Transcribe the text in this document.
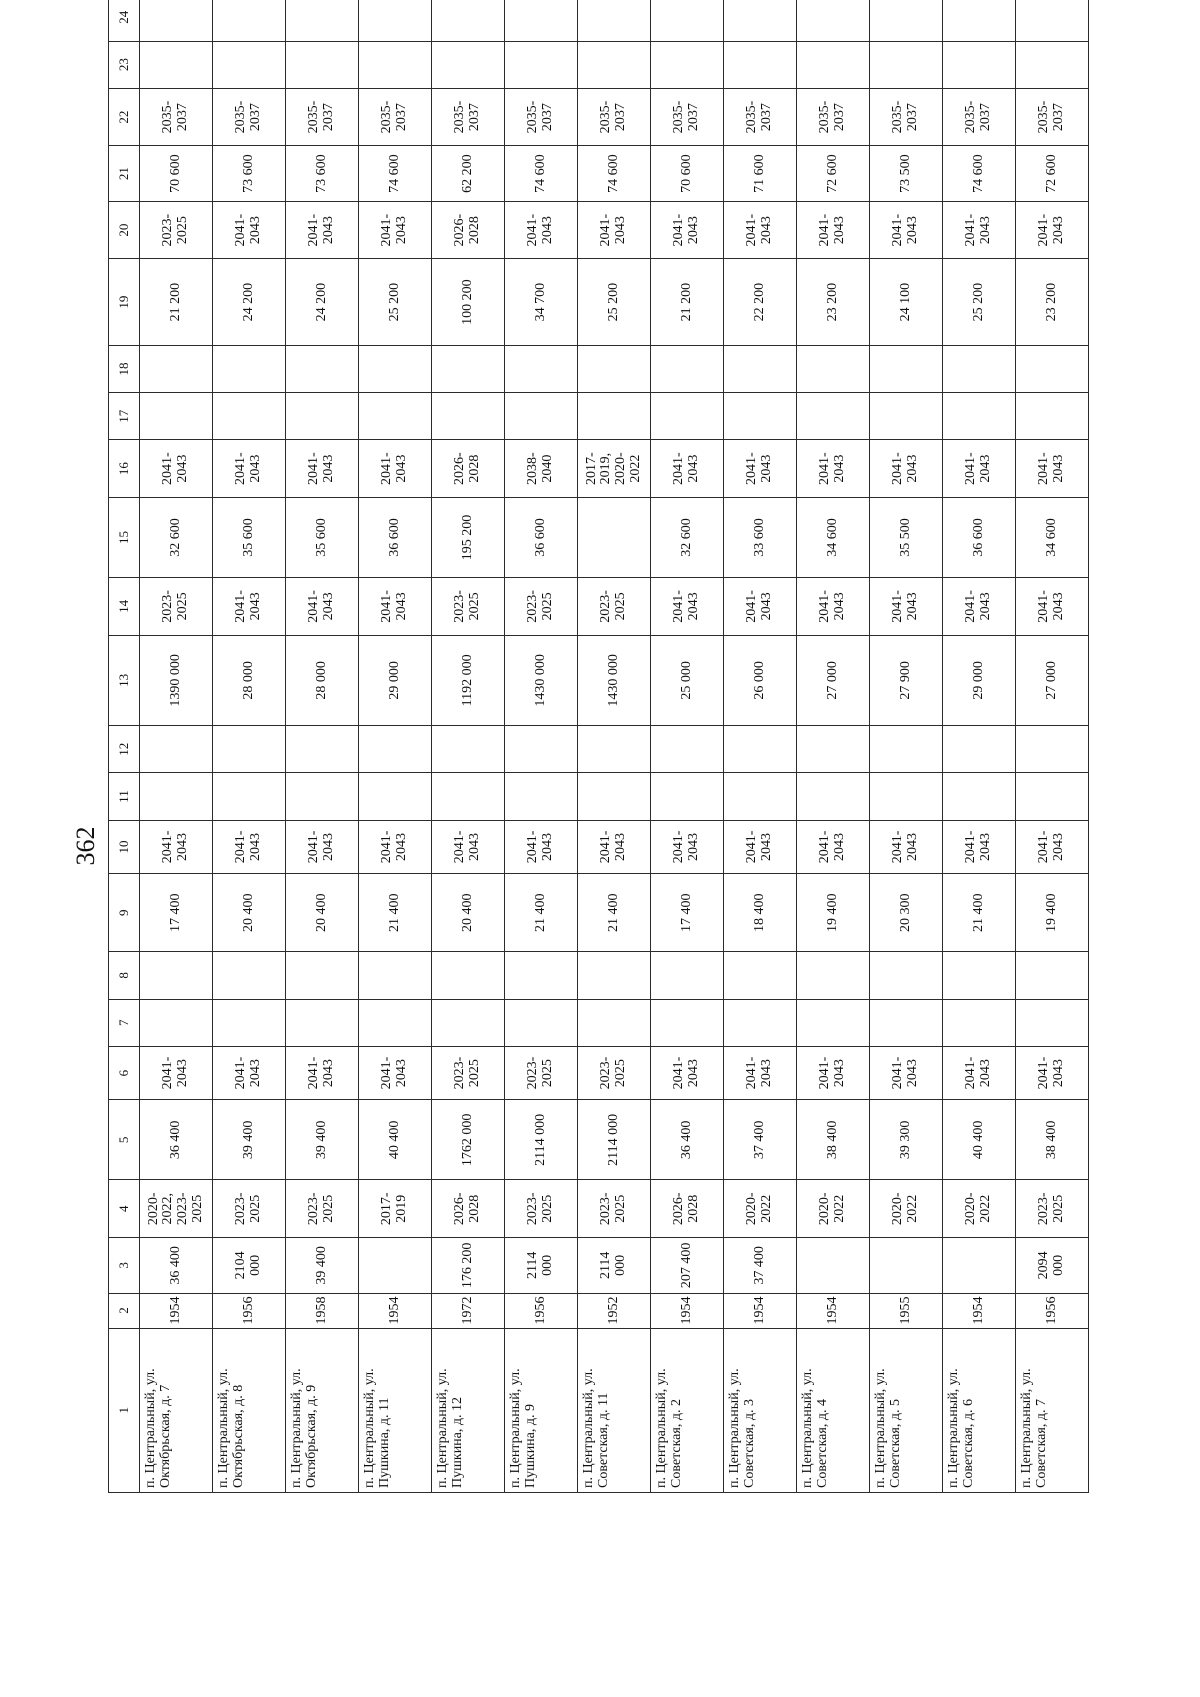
362
1	2	3	4	5	6	7	8	9	10	11	12	13	14	15	16	17	18	19	20	21	22	23	24
п. Центральный, ул. Октябрьская, д. 7	1954	36 400	2020-2022, 2023-2025	36 400	2041-2043			17 400	2041-2043			1390 000	2023-2025	32 600	2041-2043			21 200	2023-2025	70 600	2035-2037		
п. Центральный, ул. Октябрьская, д. 8	1956	2104 000	2023-2025	39 400	2041-2043			20 400	2041-2043			28 000	2041-2043	35 600	2041-2043			24 200	2041-2043	73 600	2035-2037		
п. Центральный, ул. Октябрьская, д. 9	1958	39 400	2023-2025	39 400	2041-2043			20 400	2041-2043			28 000	2041-2043	35 600	2041-2043			24 200	2041-2043	73 600	2035-2037		
п. Центральный, ул. Пушкина, д. 11	1954		2017-2019	40 400	2041-2043			21 400	2041-2043			29 000	2041-2043	36 600	2041-2043			25 200	2041-2043	74 600	2035-2037		
п. Центральный, ул. Пушкина, д. 12	1972	176 200	2026-2028	1762 000	2023-2025			20 400	2041-2043			1192 000	2023-2025	195 200	2026-2028			100 200	2026-2028	62 200	2035-2037		
п. Центральный, ул. Пушкина, д. 9	1956	2114 000	2023-2025	2114 000	2023-2025			21 400	2041-2043			1430 000	2023-2025	36 600	2038-2040			34 700	2041-2043	74 600	2035-2037		
п. Центральный, ул. Советская, д. 11	1952	2114 000	2023-2025	2114 000	2023-2025			21 400	2041-2043			1430 000	2023-2025		2017-2019, 2020-2022			25 200	2041-2043	74 600	2035-2037		
п. Центральный, ул. Советская, д. 2	1954	207 400	2026-2028	36 400	2041-2043			17 400	2041-2043			25 000	2041-2043	32 600	2041-2043			21 200	2041-2043	70 600	2035-2037		
п. Центральный, ул. Советская, д. 3	1954	37 400	2020-2022	37 400	2041-2043			18 400	2041-2043			26 000	2041-2043	33 600	2041-2043			22 200	2041-2043	71 600	2035-2037		
п. Центральный, ул. Советская, д. 4	1954		2020-2022	38 400	2041-2043			19 400	2041-2043			27 000	2041-2043	34 600	2041-2043			23 200	2041-2043	72 600	2035-2037		
п. Центральный, ул. Советская, д. 5	1955		2020-2022	39 300	2041-2043			20 300	2041-2043			27 900	2041-2043	35 500	2041-2043			24 100	2041-2043	73 500	2035-2037		
п. Центральный, ул. Советская, д. 6	1954		2020-2022	40 400	2041-2043			21 400	2041-2043			29 000	2041-2043	36 600	2041-2043			25 200	2041-2043	74 600	2035-2037		
п. Центральный, ул. Советская, д. 7	1956	2094 000	2023-2025	38 400	2041-2043			19 400	2041-2043			27 000	2041-2043	34 600	2041-2043			23 200	2041-2043	72 600	2035-2037		
